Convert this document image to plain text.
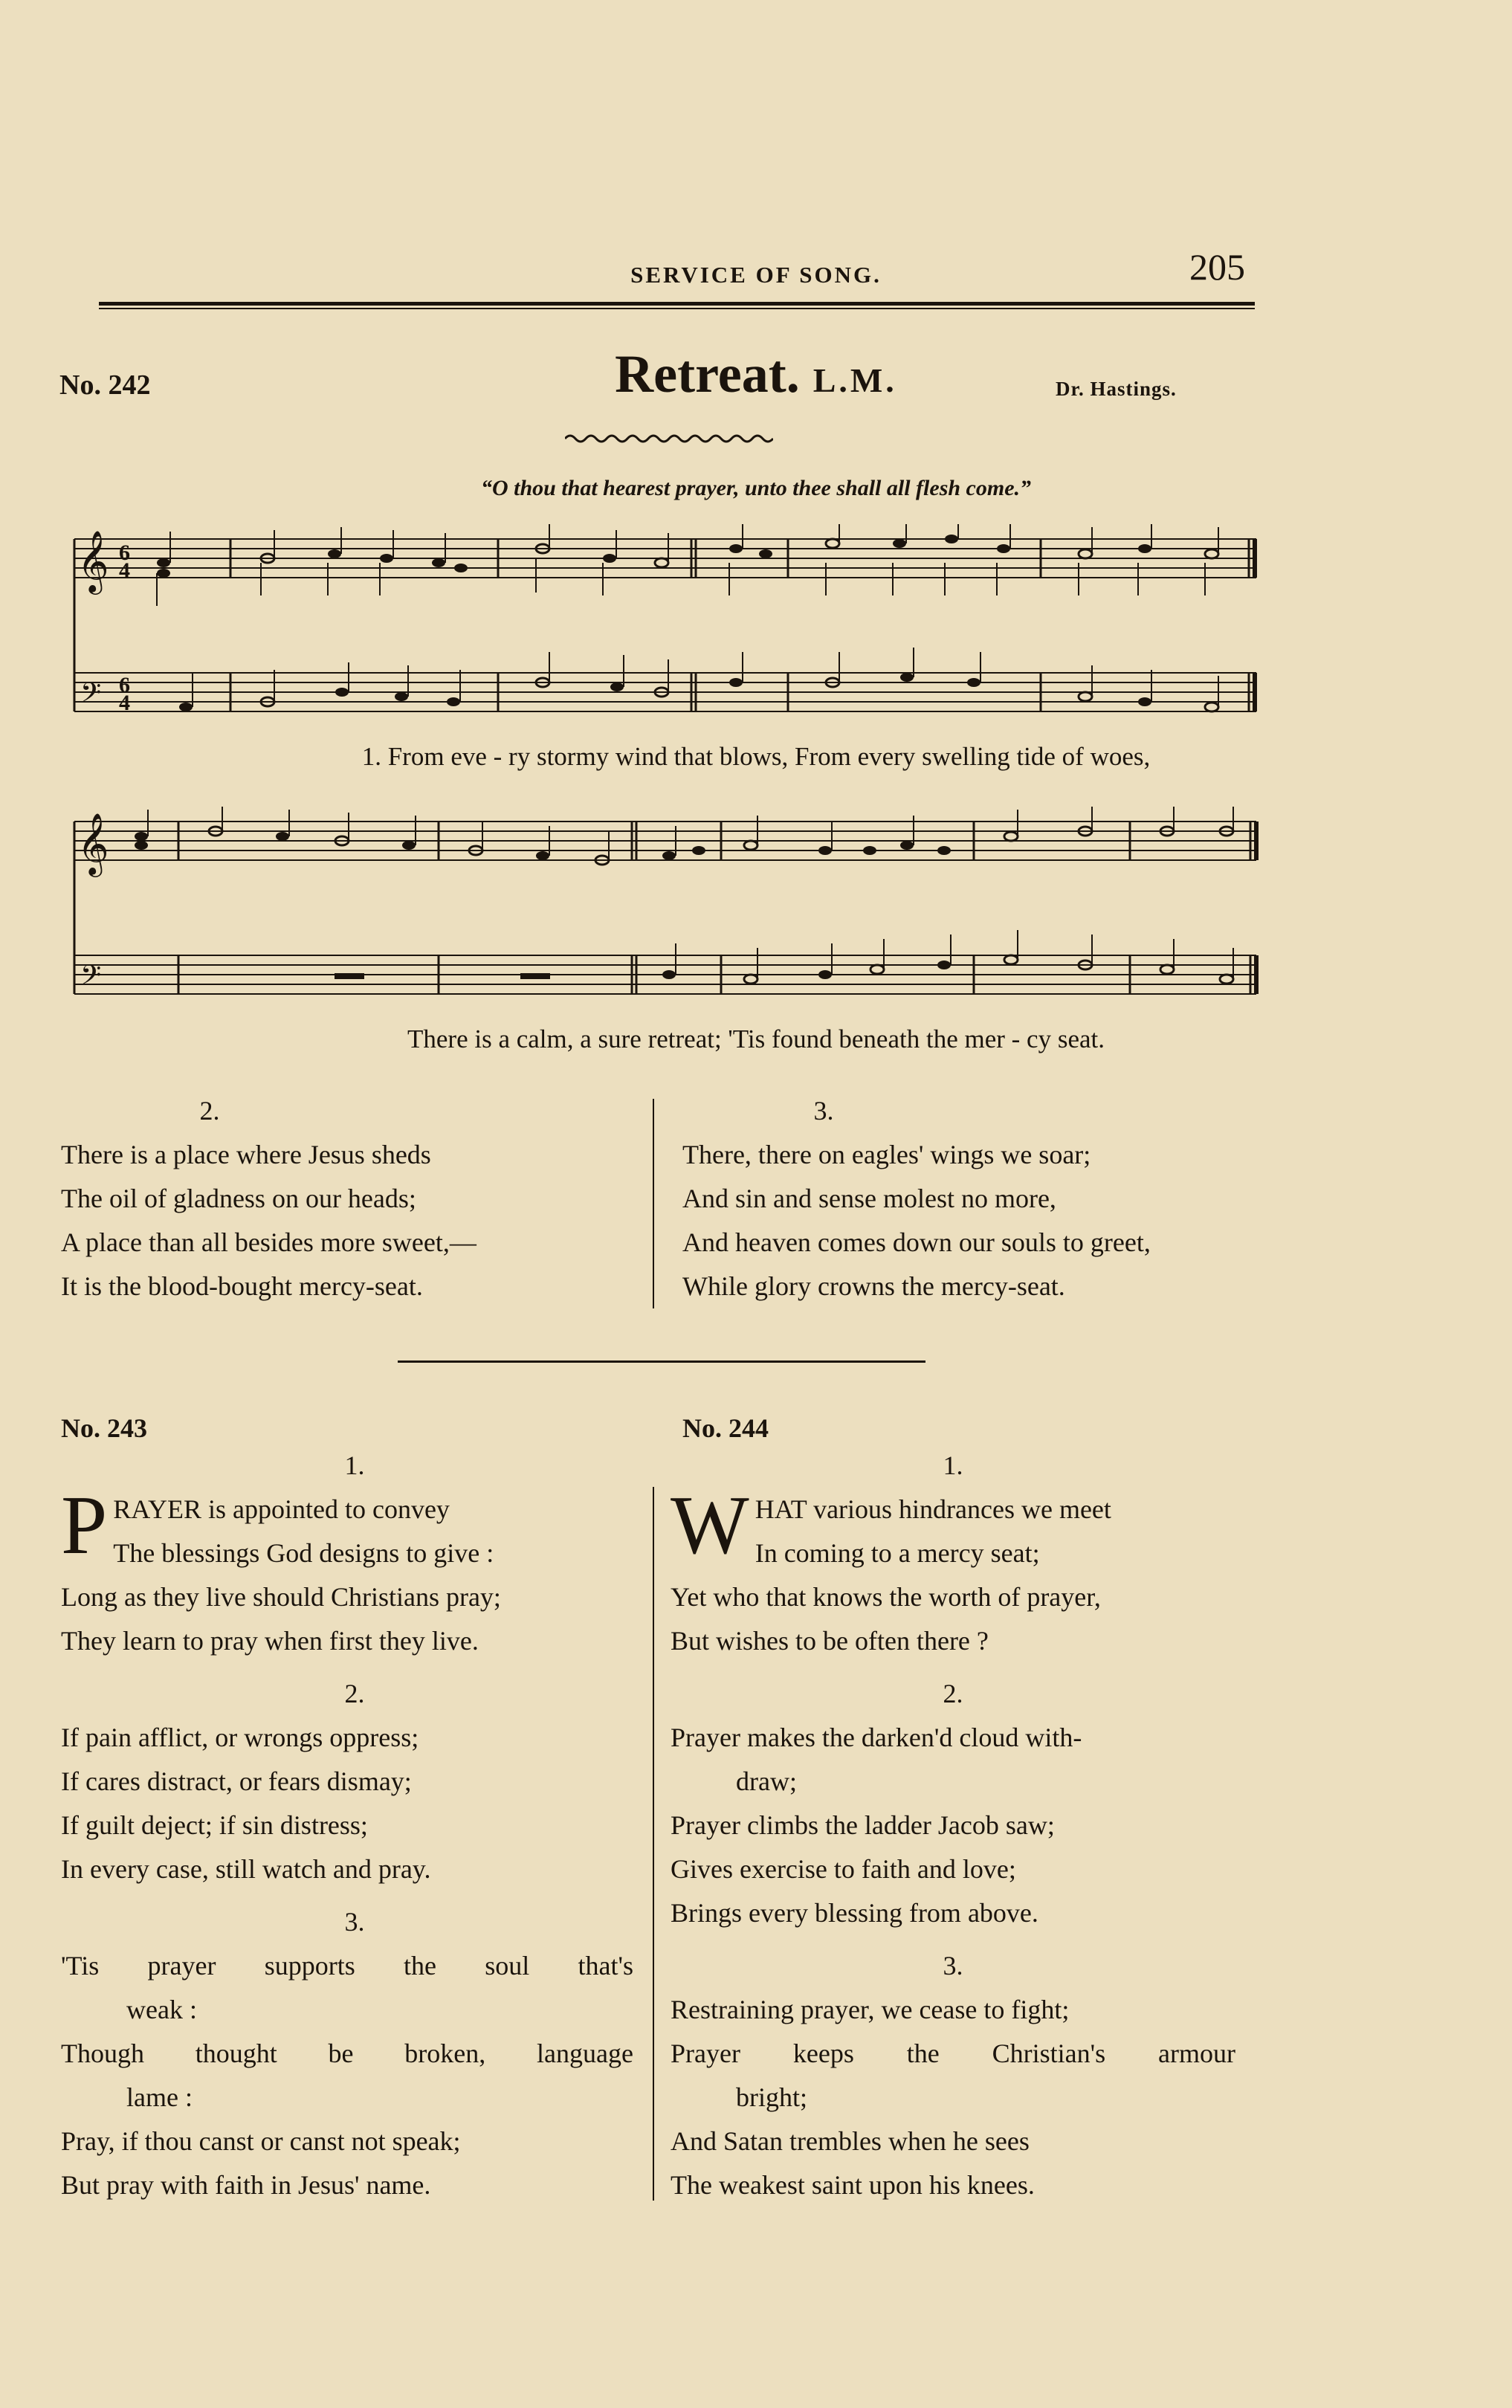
SERVICE OF SONG.	205
No. 242	Retreat. L.M.	Dr. Hastings.
“O thou that hearest prayer, unto thee shall all flesh come.”
𝄞 6
4
𝄢 6
4
1. From eve - ry stormy wind that blows, From every swelling tide of woes,
𝄞
𝄢
There is a calm, a sure retreat; 'Tis found beneath the mer - cy seat.
2.
There is a place where Jesus sheds
The oil of gladness on our heads;
A place than all besides more sweet,—
It is the blood-bought mercy-seat.
3.
There, there on eagles' wings we soar;
And sin and sense molest no more,
And heaven comes down our souls to greet,
While glory crowns the mercy-seat.
No. 243
1.
P RAYER is appointed to convey
The blessings God designs to give :
Long as they live should Christians pray;
They learn to pray when first they live.
2.
If pain afflict, or wrongs oppress;
If cares distract, or fears dismay;
If guilt deject; if sin distress;
In every case, still watch and pray.
3.
'Tis prayer supports the soul that's
weak :
Though thought be broken, language
lame :
Pray, if thou canst or canst not speak;
But pray with faith in Jesus' name.
No. 244
1.
W HAT various hindrances we meet
In coming to a mercy seat;
Yet who that knows the worth of prayer,
But wishes to be often there ?
2.
Prayer makes the darken'd cloud with-
draw;
Prayer climbs the ladder Jacob saw;
Gives exercise to faith and love;
Brings every blessing from above.
3.
Restraining prayer, we cease to fight;
Prayer keeps the Christian's armour
bright;
And Satan trembles when he sees
The weakest saint upon his knees.
